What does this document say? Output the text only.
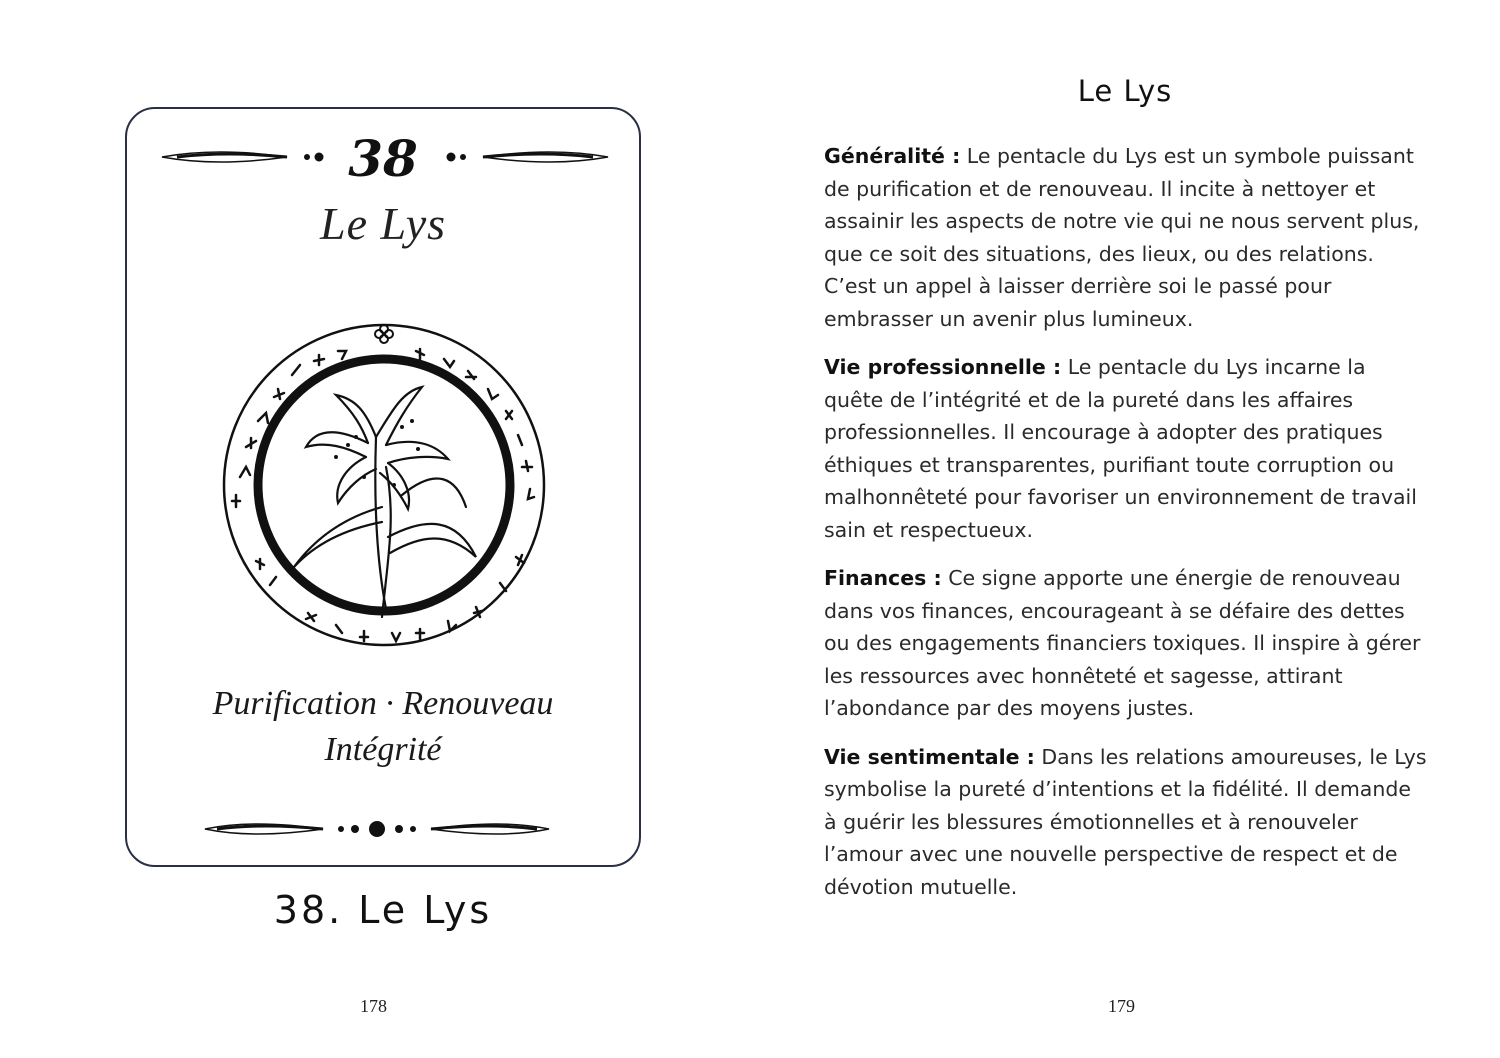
38
Le Lys
Purification · Renouveau
Intégrité
38. Le Lys
178
Le Lys

Généralité : Le pentacle du Lys est un symbole puissant de purification et de renouveau. Il incite à nettoyer et assainir les aspects de notre vie qui ne nous servent plus, que ce soit des situations, des lieux, ou des relations. C’est un appel à laisser derrière soi le passé pour embrasser un avenir plus lumineux.

Vie professionnelle : Le pentacle du Lys incarne la quête de l’intégrité et de la pureté dans les affaires professionnelles. Il encourage à adopter des pratiques éthiques et transparentes, purifiant toute corruption ou malhonnêteté pour favoriser un environnement de travail sain et respectueux.

Finances : Ce signe apporte une énergie de renouveau dans vos finances, encourageant à se défaire des dettes ou des engagements financiers toxiques. Il inspire à gérer les ressources avec honnêteté et sagesse, attirant l’abondance par des moyens justes.

Vie sentimentale : Dans les relations amoureuses, le Lys symbolise la pureté d’intentions et la fidélité. Il demande à guérir les blessures émotionnelles et à renouveler l’amour avec une nouvelle perspective de respect et de dévotion mutuelle.

179
